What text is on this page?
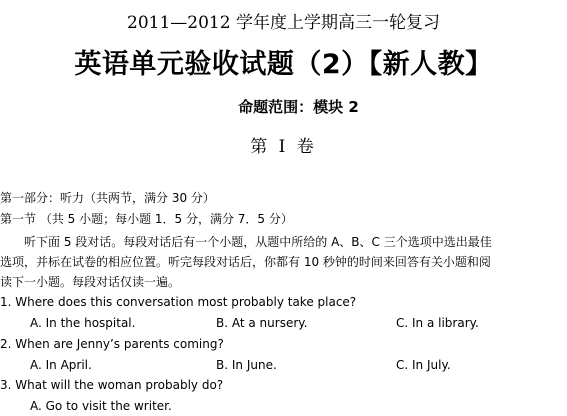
2011—2012 学年度上学期高三一轮复习
英语单元验收试题（2）【新人教】
命题范围：模块 2
第 I 卷
第一部分：听力（共两节，满分 30 分）
第一节 （共 5 小题；每小题 1．5 分，满分 7．5 分）
听下面 5 段对话。每段对话后有一个小题，从题中所给的 A、B、C 三个选项中选出最佳
选项，并标在试卷的相应位置。听完每段对话后，你都有 10 秒钟的时间来回答有关小题和阅
读下一小题。每段对话仅读一遍。
1. Where does this conversation most probably take place?
A. In the hospital.	B. At a nursery.	C. In a library.
2. When are Jenny’s parents coming?
A. In April.	B. In June.	C. In July.
3. What will the woman probably do?
A. Go to visit the writer.
